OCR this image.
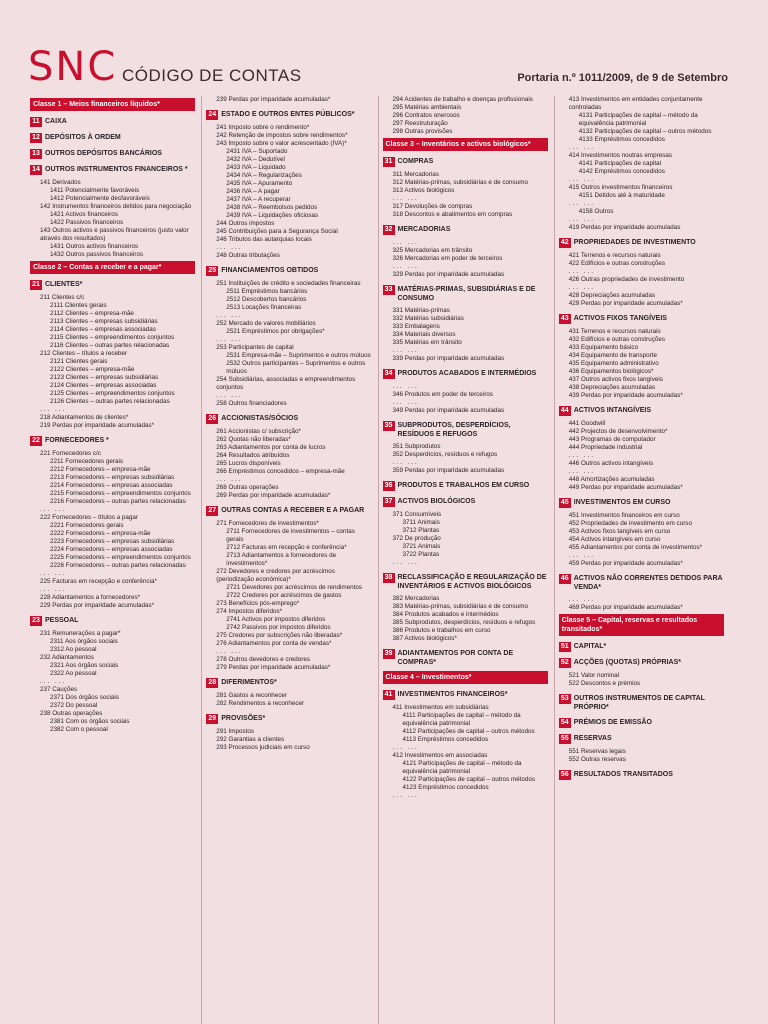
SNC CÓDIGO DE CONTAS	Portaria n.º 1011/2009, de 9 de Setembro
Classe 1 – Meios financeiros líquidos*
11 CAIXA
12 DEPÓSITOS À ORDEM
13 OUTROS DEPÓSITOS BANCÁRIOS
14 OUTROS INSTRUMENTOS FINANCEIROS *
141 Derivados
1411 Potencialmente favoráveis
1412 Potencialmente desfavoráveis
142 Instrumentos financeiros detidos para negociação
1421 Activos financeiros
1422 Passivos financeiros
143 Outros activos e passivos financeiros (justo valor através dos resultados)
1431 Outros activos financeiros
1432 Outros passivos financeiros
Classe 2 – Contas a receber e a pagar*
21 CLIENTES*
211 Clientes c/c
2111 Clientes gerais
2112 Clientes – empresa-mãe
2113 Clientes – empresas subsidiárias
2114 Clientes – empresas associadas
2115 Clientes – empreendimentos conjuntos
2116 Clientes – outras partes relacionadas
212 Clientes – títulos a receber
2121 Clientes gerais
2122 Clientes – empresa-mãe
2123 Clientes – empresas subsidiárias
2124 Clientes – empresas associadas
2125 Clientes – empreendimentos conjuntos
2126 Clientes – outras partes relacionadas
... ...
218 Adiantamentos de clientes*
219 Perdas por imparidade acumuladas*
22 FORNECEDORES *
221 Fornecedores c/c
2211 Fornecedores gerais
2212 Fornecedores – empresa-mãe
2213 Fornecedores – empresas subsidiárias
2214 Fornecedores – empresas associadas
2215 Fornecedores – empreendimentos conjuntos
2216 Fornecedores – outras partes relacionadas
... ...
222 Fornecedores – títulos a pagar
2221 Fornecedores gerais
2222 Fornecedores – empresa-mãe
2223 Fornecedores – empresas subsidiárias
2224 Fornecedores – empresas associadas
2225 Fornecedores – empreendimentos conjuntos
2226 Fornecedores – outras partes relacionadas
... ...
225 Facturas em recepção e conferência*
... ...
228 Adiantamentos a fornecedores*
229 Perdas por imparidade acumuladas*
23 PESSOAL
231 Remunerações a pagar*
2311 Aos órgãos sociais
2312 Ao pessoal
232 Adiantamentos
2321 Aos órgãos sociais
2322 Ao pessoal
... ...
237 Cauções
2371 Dos órgãos sociais
2372 Do pessoal
238 Outras operações
2381 Com os órgãos sociais
2382 Com o pessoal
239 Perdas por imparidade acumuladas*
24 ESTADO E OUTROS ENTES PÚBLICOS*
241 Imposto sobre o rendimento*
242 Retenção de impostos sobre rendimentos*
243 Imposto sobre o valor acrescentado (IVA)*
2431 IVA – Suportado
2432 IVA – Dedutível
2433 IVA – Liquidado
2434 IVA – Regularizações
2435 IVA – Apuramento
2436 IVA – A pagar
2437 IVA – A recuperar
2438 IVA – Reembolsos pedidos
2439 IVA – Liquidações oficiosas
244 Outros impostos
245 Contribuições para a Segurança Social
246 Tributos das autarquias locais
... ...
248 Outras tributações
25 FINANCIAMENTOS OBTIDOS
251 Instituições de crédito e sociedades financeiras
2511 Empréstimos bancários
2512 Descobertos bancários
2513 Locações financeiras
... ...
252 Mercado de valores mobiliários
2521 Empréstimos por obrigações*
... ...
253 Participantes de capital
2531 Empresa-mãe – Suprimentos e outros mútuos
2532 Outros participantes – Suprimentos e outros mútuos
254 Subsidiárias, associadas e empreendimentos conjuntos
... ...
258 Outros financiadores
26 ACCIONISTAS/SÓCIOS
261 Accionistas c/ subscrição*
262 Quotas não liberadas*
263 Adiantamentos por conta de lucros
264 Resultados atribuídos
265 Lucros disponíveis
266 Empréstimos concedidos – empresa-mãe
... ...
268 Outras operações
269 Perdas por imparidade acumuladas*
27 OUTRAS CONTAS A RECEBER E A PAGAR
271 Fornecedores de investimentos*
2711 Fornecedores de investimentos – contas gerais
2712 Facturas em recepção e conferência*
2713 Adiantamentos a fornecedores de investimentos*
272 Devedores e credores por acréscimos (periodização económica)*
2721 Devedores por acréscimos de rendimentos
2722 Credores por acréscimos de gastos
273 Benefícios pós-emprego*
274 Impostos diferidos*
2741 Activos por impostos diferidos
2742 Passivos por impostos diferidos
275 Credores por subscrições não liberadas*
276 Adiantamentos por conta de vendas*
... ...
278 Outros devedores e credores
279 Perdas por imparidade acumuladas*
28 DIFERIMENTOS*
281 Gastos a reconhecer
282 Rendimentos a reconhecer
29 PROVISÕES*
291 Impostos
292 Garantias a clientes
293 Processos judiciais em curso
294 Acidentes de trabalho e doenças profissionais
295 Matérias ambientais
296 Contratos onerosos
297 Reestruturação
298 Outras provisões
Classe 3 – Inventários e activos biológicos*
31 COMPRAS
311 Mercadorias
312 Matérias-primas, subsidiárias e de consumo
313 Activos biológicos
... ...
317 Devoluções de compras
318 Descontos e abatimentos em compras
32 MERCADORIAS
... ...
325 Mercadorias em trânsito
326 Mercadorias em poder de terceiros
... ...
329 Perdas por imparidade acumuladas
33 MATÉRIAS-PRIMAS, SUBSIDIÁRIAS E DE CONSUMO
331 Matérias-primas
332 Matérias subsidiárias
333 Embalagens
334 Materiais diversos
335 Matérias em trânsito
... ...
339 Perdas por imparidade acumuladas
34 PRODUTOS ACABADOS E INTERMÉDIOS
... ...
346 Produtos em poder de terceiros
... ...
349 Perdas por imparidade acumuladas
35 SUBPRODUTOS, DESPERDÍCIOS, RESÍDUOS E REFUGOS
351 Subprodutos
352 Desperdícios, resíduos e refugos
... ...
359 Perdas por imparidade acumuladas
36 PRODUTOS E TRABALHOS EM CURSO
37 ACTIVOS BIOLÓGICOS
371 Consumíveis
3711 Animais
3712 Plantas
372 De produção
3721 Animais
3722 Plantas
... ...
38 RECLASSIFICAÇÃO E REGULARIZAÇÃO DE INVENTÁRIOS E ACTIVOS BIOLÓGICOS
382 Mercadorias
383 Matérias-primas, subsidiárias e de consumo
384 Produtos acabados e intermédios
385 Subprodutos, desperdícios, resíduos e refugos
386 Produtos e trabalhos em curso
387 Activos biológicos*
39 ADIANTAMENTOS POR CONTA DE COMPRAS*
Classe 4 – Investimentos*
41 INVESTIMENTOS FINANCEIROS*
411 Investimentos em subsidiárias
4111 Participações de capital – método da equivalência patrimonial
4112 Participações de capital – outros métodos
4113 Empréstimos concedidos
... ...
412 Investimentos em associadas
4121 Participações de capital – método da equivalência patrimonial
4122 Participações de capital – outros métodos
4123 Empréstimos concedidos
... ...
413 Investimentos em entidades conjuntamente controladas
4131 Participações de capital – método da equivalência patrimonial
4132 Participações de capital – outros métodos
4133 Empréstimos concedidos
... ...
414 Investimentos noutras empresas
4141 Participações de capital
4142 Empréstimos concedidos
... ...
415 Outros investimentos financeiros
4151 Detidos até à maturidade
... ...
4158 Outros
... ...
419 Perdas por imparidade acumuladas
42 PROPRIEDADES DE INVESTIMENTO
421 Terrenos e recursos naturais
422 Edifícios e outras construções
... ...
426 Outras propriedades de investimento
... ...
428 Depreciações acumuladas
429 Perdas por imparidade acumuladas*
43 ACTIVOS FIXOS TANGÍVEIS
431 Terrenos e recursos naturais
432 Edifícios e outras construções
433 Equipamento básico
434 Equipamento de transporte
435 Equipamento administrativo
436 Equipamentos biológicos*
437 Outros activos fixos tangíveis
438 Depreciações acumuladas
439 Perdas por imparidade acumuladas*
44 ACTIVOS INTANGÍVEIS
441 Goodwill
442 Projectos de desenvolvimento*
443 Programas de computador
444 Propriedade industrial
... ...
446 Outros activos intangíveis
... ...
448 Amortizações acumuladas
449 Perdas por imparidade acumuladas*
45 INVESTIMENTOS EM CURSO
451 Investimentos financeiros em curso
452 Propriedades de investimento em curso
453 Activos fixos tangíveis em curso
454 Activos intangíveis em curso
455 Adiantamentos por conta de investimentos*
... ...
459 Perdas por imparidade acumuladas*
46 ACTIVOS NÃO CORRENTES DETIDOS PARA VENDA*
... ...
469 Perdas por imparidade acumuladas*
Classe 5 – Capital, reservas e resultados transitados*
51 CAPITAL*
52 ACÇÕES (QUOTAS) PRÓPRIAS*
521 Valor nominal
522 Descontos e prémios
53 OUTROS INSTRUMENTOS DE CAPITAL PRÓPRIO*
54 PRÉMIOS DE EMISSÃO
55 RESERVAS
551 Reservas legais
552 Outras reservas
56 RESULTADOS TRANSITADOS
